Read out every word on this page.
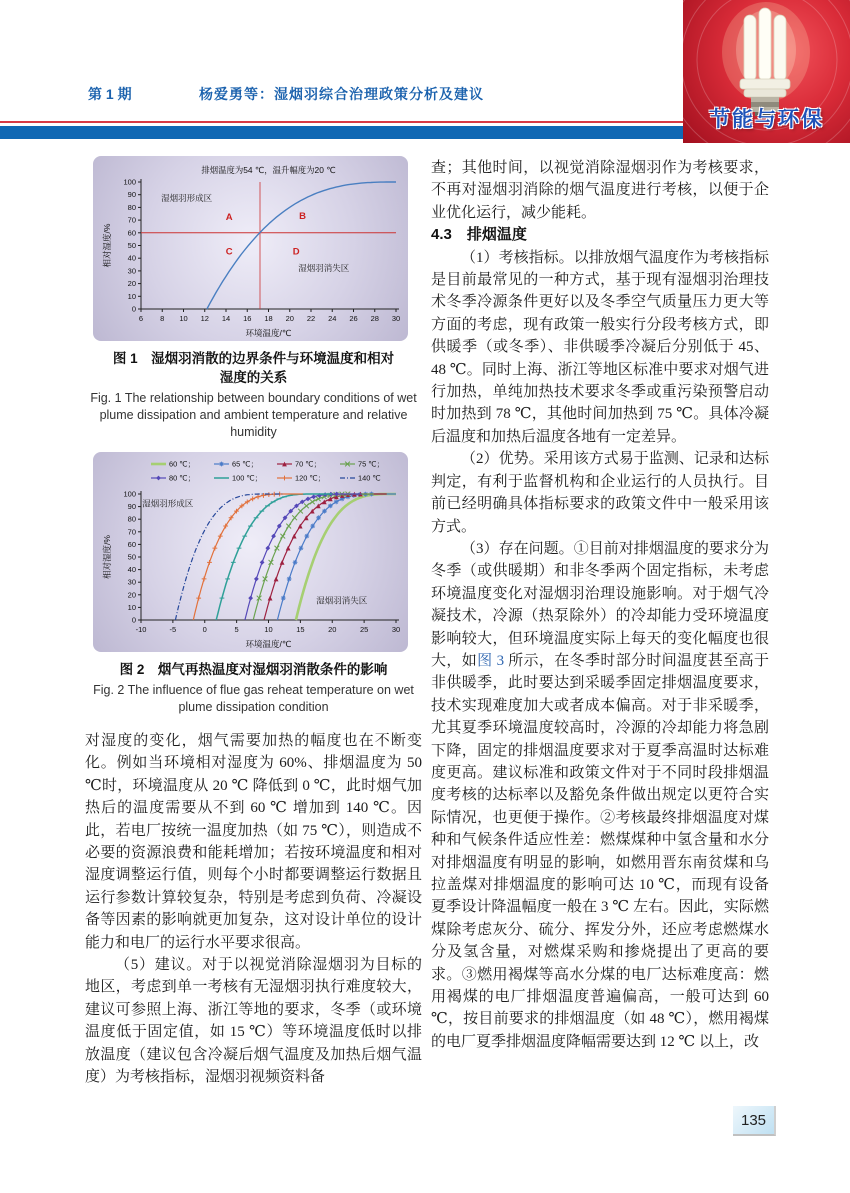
第 1 期	杨爱勇等：湿烟羽综合治理政策分析及建议
节能与环保
6 8 10 12 14 16 18 20 22 24 26 28 30
0
10
20
30
40
50
60
70
80
90
100
环境温度/℃
相对湿度/%
排烟温度为54 ℃，温升幅度为20 ℃
湿烟羽形成区
A	B
C	D
湿烟羽消失区
图 1　湿烟羽消散的边界条件与环境温度和相对
湿度的关系
Fig. 1 The relationship between boundary conditions of wet plume dissipation and ambient temperature and relative humidity
-10	-5	0	5	10	15	20	25	30
0
10
20
30
40
50
60
70
80
90
100
环境温度/℃
相对湿度/%
60 ℃；	65 ℃；	70 ℃；	75 ℃；
80 ℃；	100 ℃；	120 ℃；	140 ℃
湿烟羽形成区
湿烟羽消失区
图 2　烟气再热温度对湿烟羽消散条件的影响
Fig. 2 The influence of flue gas reheat temperature on wet plume dissipation condition

对湿度的变化，烟气需要加热的幅度也在不断变化。例如当环境相对湿度为 60%、排烟温度为 50 ℃时，环境温度从 20 ℃ 降低到 0 ℃，此时烟气加热后的温度需要从不到 60 ℃ 增加到 140 ℃。因此，若电厂按统一温度加热（如 75 ℃），则造成不必要的资源浪费和能耗增加；若按环境温度和相对湿度调整运行值，则每个小时都要调整运行数据且运行参数计算较复杂，特别是考虑到负荷、冷凝设备等因素的影响就更加复杂，这对设计单位的设计能力和电厂的运行水平要求很高。

（5）建议。对于以视觉消除湿烟羽为目标的地区，考虑到单一考核有无湿烟羽执行难度较大，建议可参照上海、浙江等地的要求，冬季（或环境温度低于固定值，如 15 ℃）等环境温度低时以排放温度（建议包含冷凝后烟气温度及加热后烟气温度）为考核指标，湿烟羽视频资料备

查；其他时间，以视觉消除湿烟羽作为考核要求，不再对湿烟羽消除的烟气温度进行考核，以便于企业优化运行，减少能耗。

4.3　排烟温度

（1）考核指标。以排放烟气温度作为考核指标是目前最常见的一种方式，基于现有湿烟羽治理技术冬季冷源条件更好以及冬季空气质量压力更大等方面的考虑，现有政策一般实行分段考核方式，即供暖季（或冬季）、非供暖季冷凝后分别低于 45、48 ℃。同时上海、浙江等地区标准中要求对烟气进行加热，单纯加热技术要求冬季或重污染预警启动时加热到 78 ℃，其他时间加热到 75 ℃。具体冷凝后温度和加热后温度各地有一定差异。

（2）优势。采用该方式易于监测、记录和达标判定，有利于监督机构和企业运行的人员执行。目前已经明确具体指标要求的政策文件中一般采用该方式。

（3）存在问题。①目前对排烟温度的要求分为冬季（或供暖期）和非冬季两个固定指标，未考虑环境温度变化对湿烟羽治理设施影响。对于烟气冷凝技术，冷源（热泵除外）的冷却能力受环境温度影响较大，但环境温度实际上每天的变化幅度也很大，如图 3 所示，在冬季时部分时间温度甚至高于非供暖季，此时要达到采暖季固定排烟温度要求，技术实现难度加大或者成本偏高。对于非采暖季，尤其夏季环境温度较高时，冷源的冷却能力将急剧下降，固定的排烟温度要求对于夏季高温时达标难度更高。建议标准和政策文件对于不同时段排烟温度考核的达标率以及豁免条件做出规定以更符合实际情况，也更便于操作。②考核最终排烟温度对煤种和气候条件适应性差：燃煤煤种中氢含量和水分对排烟温度有明显的影响，如燃用晋东南贫煤和乌拉盖煤对排烟温度的影响可达 10 ℃，而现有设备夏季设计降温幅度一般在 3 ℃ 左右。因此，实际燃煤除考虑灰分、硫分、挥发分外，还应考虑燃煤水分及氢含量，对燃煤采购和掺烧提出了更高的要求。③燃用褐煤等高水分煤的电厂达标难度高：燃用褐煤的电厂排烟温度普遍偏高，一般可达到 60 ℃，按目前要求的排烟温度（如 48 ℃），燃用褐煤的电厂夏季排烟温度降幅需要达到 12 ℃ 以上，改

135
